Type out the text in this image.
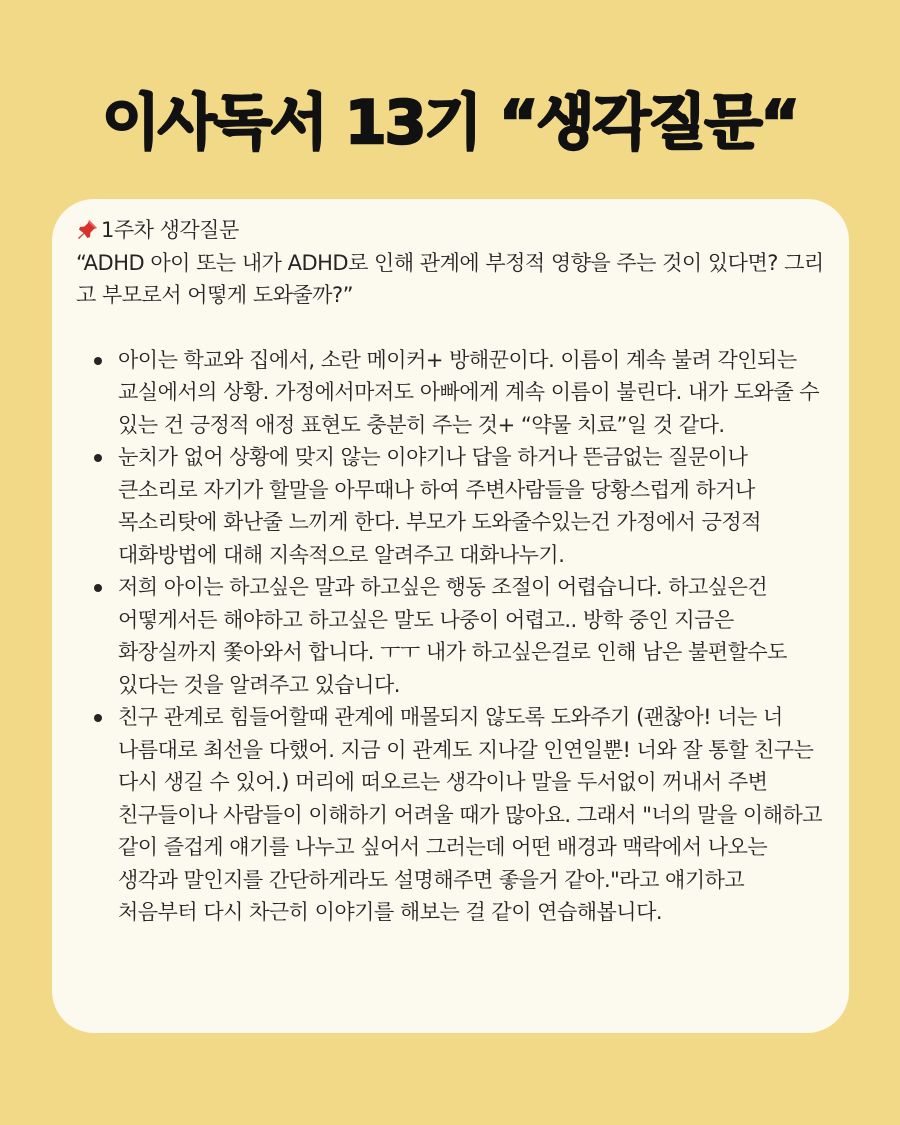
이사독서 13기 “생각질문“
1주차 생각질문

“ADHD 아이 또는 내가 ADHD로 인해 관계에 부정적 영향을 주는 것이 있다면? 그리고 부모로서 어떻게 도와줄까?”

아이는 학교와 집에서, 소란 메이커+ 방해꾼이다. 이름이 계속 불려 각인되는 교실에서의 상황. 가정에서마저도 아빠에게 계속 이름이 불린다. 내가 도와줄 수 있는 건 긍정적 애정 표현도 충분히 주는 것+ “약물 치료”일 것 같다.
눈치가 없어 상황에 맞지 않는 이야기나 답을 하거나 뜬금없는 질문이나 큰소리로 자기가 할말을 아무때나 하여 주변사람들을 당황스럽게 하거나 목소리탓에 화난줄 느끼게 한다. 부모가 도와줄수있는건 가정에서 긍정적 대화방법에 대해 지속적으로 알려주고 대화나누기.
저희 아이는 하고싶은 말과 하고싶은 행동 조절이 어렵습니다. 하고싶은건 어떻게서든 해야하고 하고싶은 말도 나중이 어렵고.. 방학 중인 지금은 화장실까지 쫓아와서 합니다. ㅜㅜ 내가 하고싶은걸로 인해 남은 불편할수도 있다는 것을 알려주고 있습니다.
친구 관계로 힘들어할때 관계에 매몰되지 않도록 도와주기 (괜찮아! 너는 너 나름대로 최선을 다했어. 지금 이 관계도 지나갈 인연일뿐! 너와 잘 통할 친구는 다시 생길 수 있어.) 머리에 떠오르는 생각이나 말을 두서없이 꺼내서 주변 친구들이나 사람들이 이해하기 어려울 때가 많아요. 그래서 "너의 말을 이해하고 같이 즐겁게 얘기를 나누고 싶어서 그러는데 어떤 배경과 맥락에서 나오는 생각과 말인지를 간단하게라도 설명해주면 좋을거 같아."라고 얘기하고 처음부터 다시 차근히 이야기를 해보는 걸 같이 연습해봅니다.
